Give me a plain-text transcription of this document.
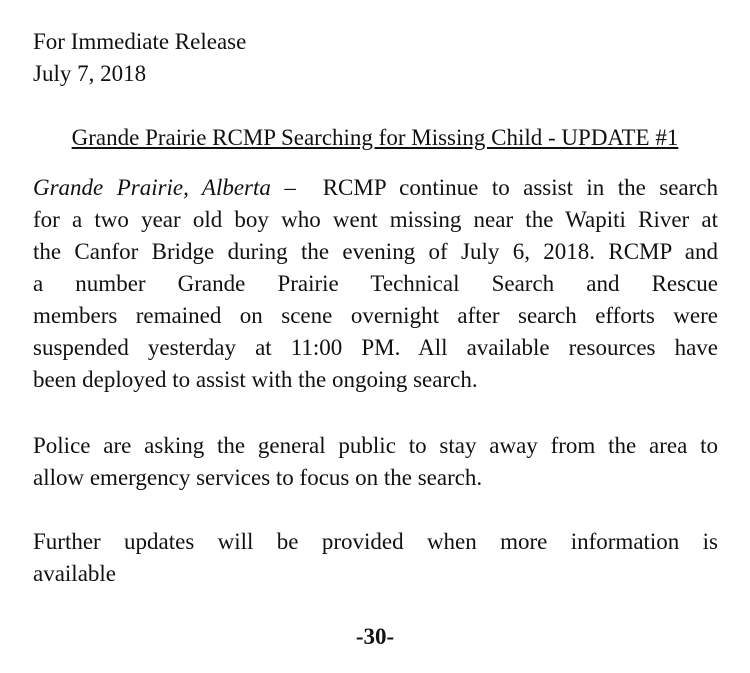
For Immediate Release
July 7, 2018
Grande Prairie RCMP Searching for Missing Child - UPDATE #1
Grande Prairie, Alberta – RCMP continue to assist in the search
for a two year old boy who went missing near the Wapiti River at
the Canfor Bridge during the evening of July 6, 2018. RCMP and
a number Grande Prairie Technical Search and Rescue
members remained on scene overnight after search efforts were
suspended yesterday at 11:00 PM. All available resources have
been deployed to assist with the ongoing search.
Police are asking the general public to stay away from the area to
allow emergency services to focus on the search.
Further updates will be provided when more information is
available
-30-
